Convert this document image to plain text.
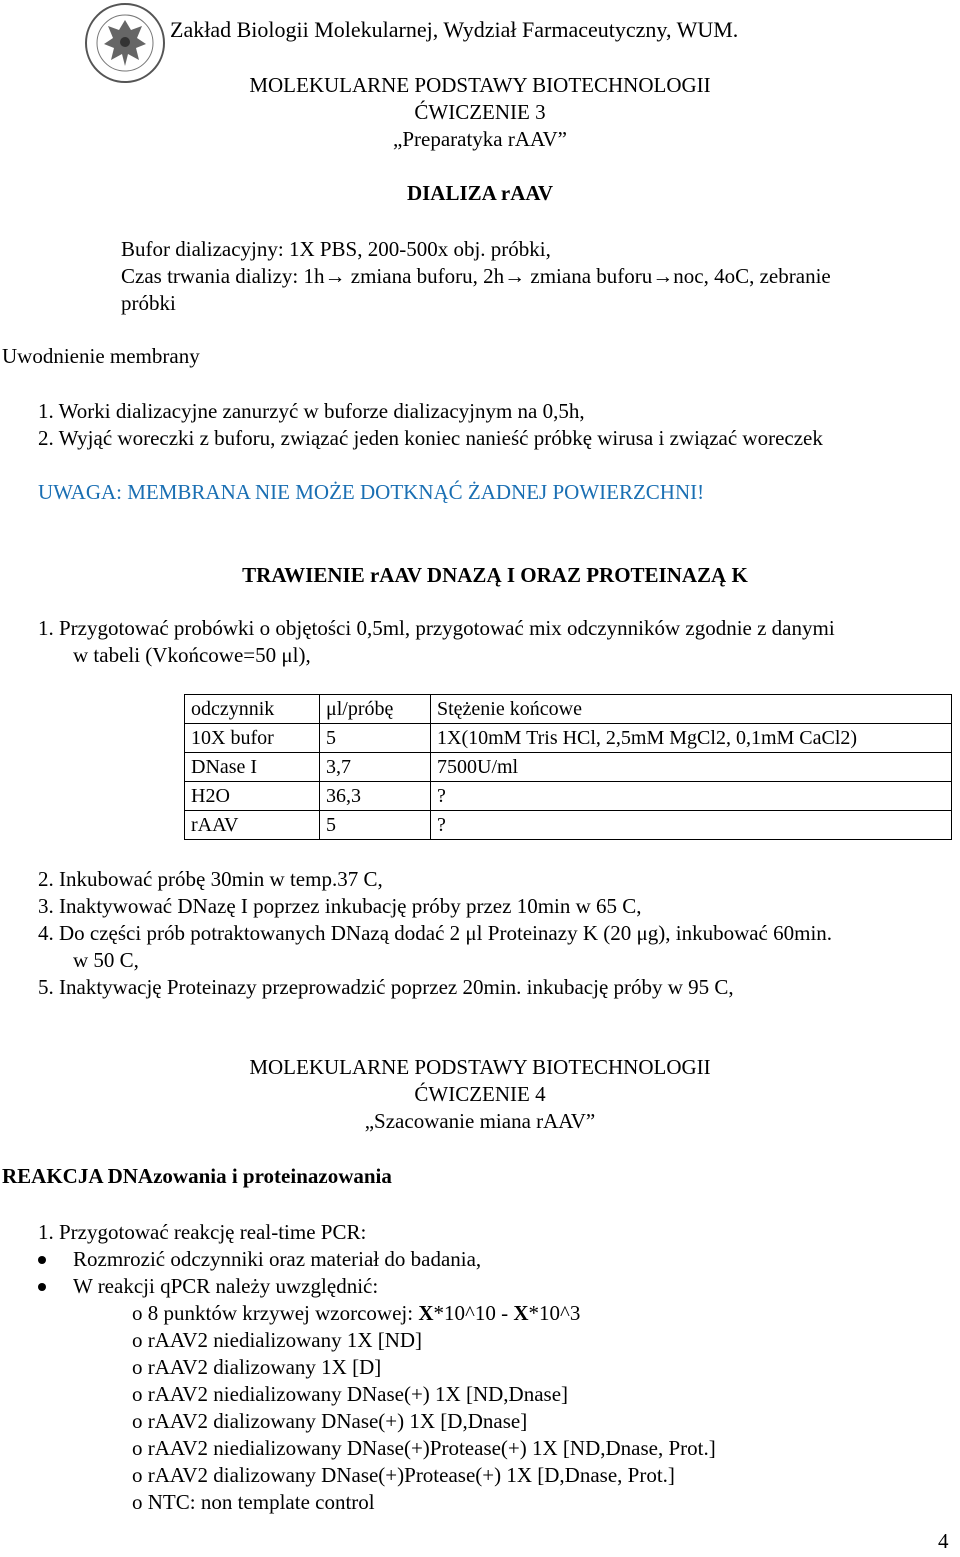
Zakład Biologii Molekularnej, Wydział Farmaceutyczny, WUM.
MOLEKULARNE PODSTAWY BIOTECHNOLOGII
ĆWICZENIE 3
„Preparatyka rAAV”
DIALIZA rAAV
Bufor dializacyjny: 1X PBS, 200-500x obj. próbki,
Czas trwania dializy: 1h→ zmiana buforu, 2h→ zmiana buforu→noc, 4oC, zebranie
próbki
Uwodnienie membrany
1. Worki dializacyjne zanurzyć w buforze dializacyjnym na 0,5h,
2. Wyjąć woreczki z buforu, związać jeden koniec nanieść próbkę wirusa i związać woreczek
UWAGA: MEMBRANA NIE MOŻE DOTKNĄĆ ŻADNEJ POWIERZCHNI!
TRAWIENIE rAAV DNAZĄ I ORAZ PROTEINAZĄ K
1. Przygotować probówki o objętości 0,5ml, przygotować mix odczynników zgodnie z danymi
w tabeli (Vkońcowe=50 μl),
odczynnik	μl/próbę	Stężenie końcowe
10X bufor	5	1X(10mM Tris HCl, 2,5mM MgCl2, 0,1mM CaCl2)
DNase I	3,7	7500U/ml
H2O	36,3	?
rAAV	5	?
2. Inkubować próbę 30min w temp.37 C,
3. Inaktywować DNazę I poprzez inkubację próby przez 10min w 65 C,
4. Do części prób potraktowanych DNazą dodać 2 μl Proteinazy K (20 μg), inkubować 60min.
w 50 C,
5. Inaktywację Proteinazy przeprowadzić poprzez 20min. inkubację próby w 95 C,
MOLEKULARNE PODSTAWY BIOTECHNOLOGII
ĆWICZENIE 4
„Szacowanie miana rAAV”
REAKCJA DNAzowania i proteinazowania
1. Przygotować reakcję real-time PCR:
Rozmrozić odczynniki oraz materiał do badania,
W reakcji qPCR należy uwzględnić:
o 8 punktów krzywej wzorcowej: X*10^10 - X*10^3
o rAAV2 niedializowany 1X [ND]
o rAAV2 dializowany 1X [D]
o rAAV2 niedializowany DNase(+) 1X [ND,Dnase]
o rAAV2 dializowany DNase(+) 1X [D,Dnase]
o rAAV2 niedializowany DNase(+)Protease(+) 1X [ND,Dnase, Prot.]
o rAAV2 dializowany DNase(+)Protease(+) 1X [D,Dnase, Prot.]
o NTC: non template control
4
